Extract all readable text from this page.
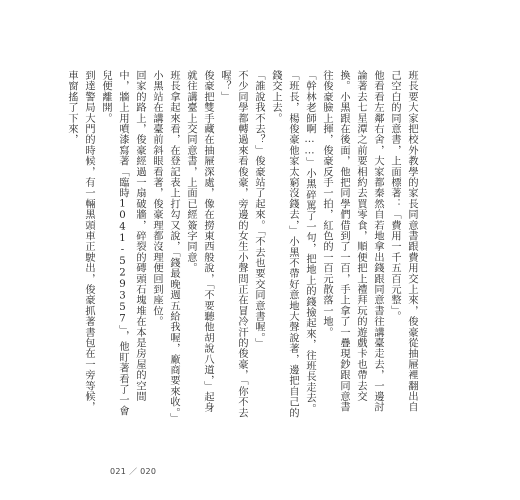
班長要大家把校外教學的家長同意書跟費用交上來，俊豪從抽屜裡翻出自己空白的同意書，上面標著：「費用一千五百元整」。

他看看左鄰右舍，大家都秦然自若地拿出錢跟同意書往講臺走去，一邊討論著去七星潭之前要相約去買零食，順便把上禮拜玩的遊戲卡也帶去交換。小黑跟在後面，他把同學們借到了一百，手上拿了一疊現鈔跟同意書往俊豪臉上揮，俊豪反手一拍，紅色的一百元散落一地。

「幹林老師啊……」小黑碎罵了一句，把地上的錢撿起來，往班長走去。

「班長，楊俊豪他家太窮沒錢去，」小黑不帶好意地大聲說著，邊把自己的錢交上去。

「誰說我不去？」俊豪站了起來。「不去也要交同意書喔。」

不少同學都轉過來看俊豪，旁邊的女生小聲問正在冒冷汗的俊豪，「你不去喔？」

俊豪把雙手藏在抽屜深處，像在撈東西般說，「不要聽他胡說八道，」起身就往講臺上交同意書，上面已經簽字同意。

班長拿起來看，在登記表上打勾又說，「錢最晚週五給我喔，廠商要來收。」

小黑站在講臺前斜眼看著，俊豪理都沒理便回到座位。

回家的路上，俊豪經過一扇破牆，碎裂的磚頭石塊堆在本是房屋的空間中，牆上用噴漆寫著「臨時1041-529357」，他盯著看了一會兒便離開。

到達警局大門的時候，有一輛黑頭車正駛出，俊豪抓著書包在一旁等候，車窗搖了下來，

021 ／ 020
